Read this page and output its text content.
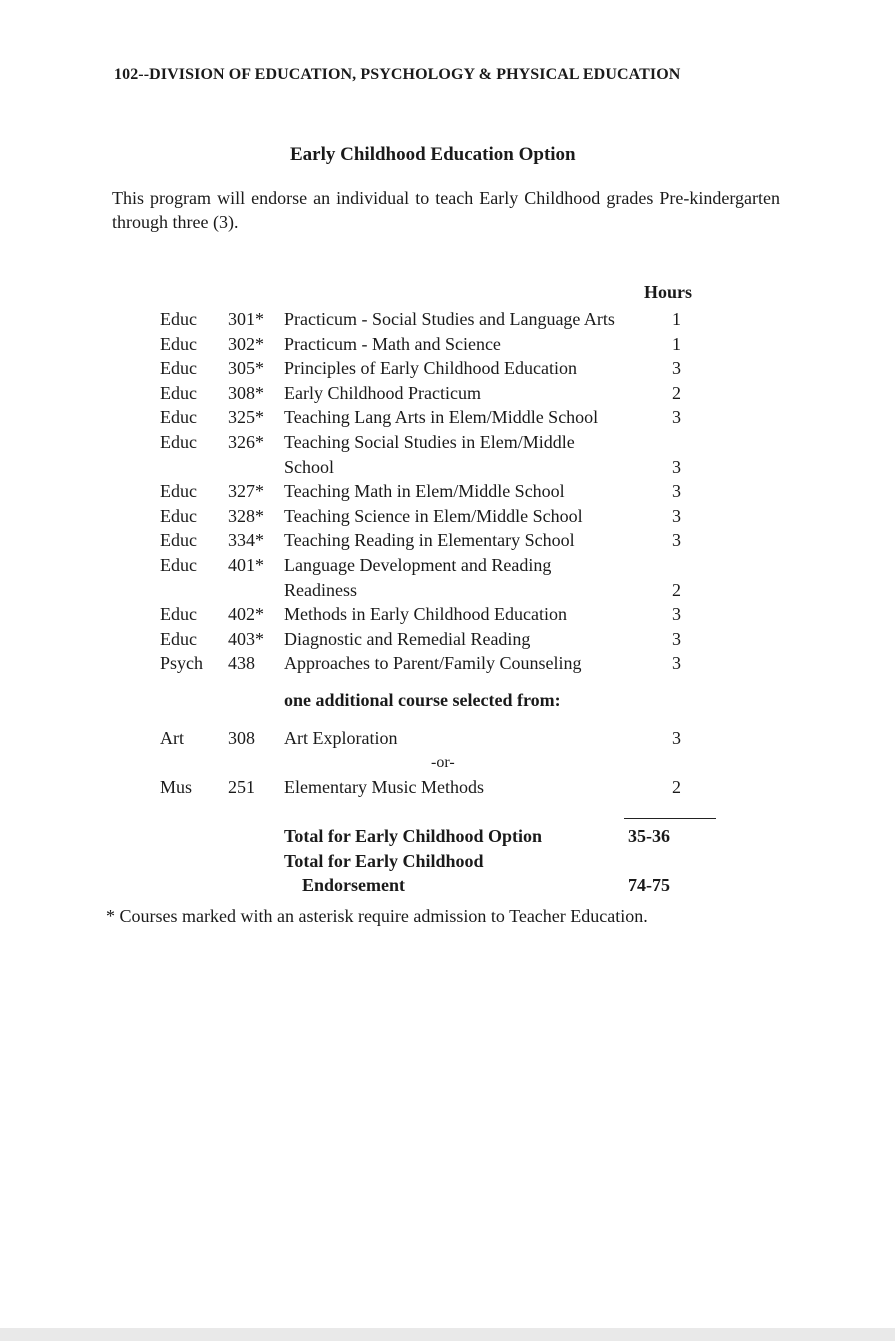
102--DIVISION OF EDUCATION, PSYCHOLOGY & PHYSICAL EDUCATION
Early Childhood Education Option
This program will endorse an individual to teach Early Childhood grades Pre-kindergarten through three (3).
Hours
Educ 301* Practicum - Social Studies and Language Arts	1
Educ 302* Practicum - Math and Science	1
Educ 305* Principles of Early Childhood Education	3
Educ 308* Early Childhood Practicum	2
Educ 325* Teaching Lang Arts in Elem/Middle School	3
Educ 326* Teaching Social Studies in Elem/Middle
School	3
Educ 327* Teaching Math in Elem/Middle School	3
Educ 328* Teaching Science in Elem/Middle School	3
Educ 334* Teaching Reading in Elementary School	3
Educ 401* Language Development and Reading
Readiness	2
Educ 402* Methods in Early Childhood Education	3
Educ 403* Diagnostic and Remedial Reading	3
Psych 438 Approaches to Parent/Family Counseling	3
one additional course selected from:
Art 308 Art Exploration	3
-or-
Mus 251 Elementary Music Methods	2
Total for Early Childhood Option	35-36
Total for Early Childhood
Endorsement	74-75
* Courses marked with an asterisk require admission to Teacher Education.
